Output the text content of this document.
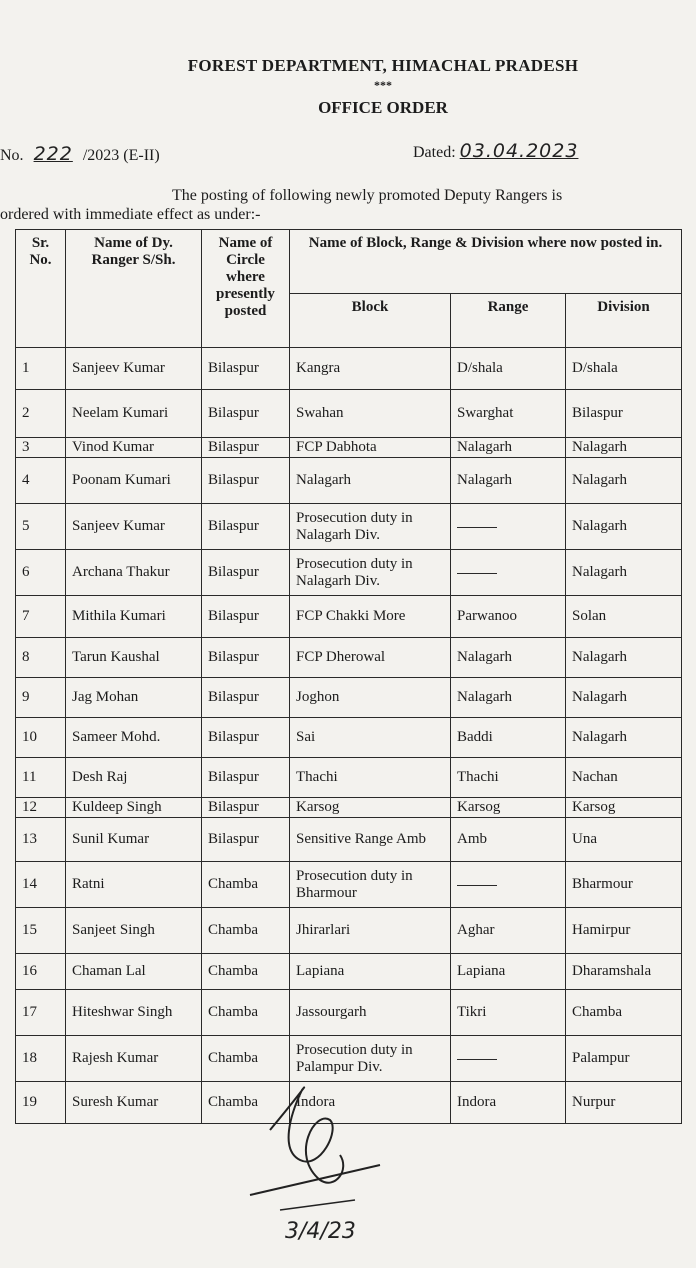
FOREST DEPARTMENT, HIMACHAL PRADESH
***
OFFICE ORDER
No. 222 /2023 (E-II)	Dated: 03.04.2023
The posting of following newly promoted Deputy Rangers is
ordered with immediate effect as under:-
Sr. No.	Name of Dy. Ranger S/Sh.	Name of Circle where presently posted	Name of Block, Range & Division where now posted in.		
			Block	Range	Division
1	Sanjeev Kumar	Bilaspur	Kangra	D/shala	D/shala
2	Neelam Kumari	Bilaspur	Swahan	Swarghat	Bilaspur
3	Vinod Kumar	Bilaspur	FCP Dabhota	Nalagarh	Nalagarh
4	Poonam Kumari	Bilaspur	Nalagarh	Nalagarh	Nalagarh
5	Sanjeev Kumar	Bilaspur	Prosecution duty in Nalagarh Div.		Nalagarh
6	Archana Thakur	Bilaspur	Prosecution duty in Nalagarh Div.		Nalagarh
7	Mithila Kumari	Bilaspur	FCP Chakki More	Parwanoo	Solan
8	Tarun Kaushal	Bilaspur	FCP Dherowal	Nalagarh	Nalagarh
9	Jag Mohan	Bilaspur	Joghon	Nalagarh	Nalagarh
10	Sameer Mohd.	Bilaspur	Sai	Baddi	Nalagarh
11	Desh Raj	Bilaspur	Thachi	Thachi	Nachan
12	Kuldeep Singh	Bilaspur	Karsog	Karsog	Karsog
13	Sunil Kumar	Bilaspur	Sensitive Range Amb	Amb	Una
14	Ratni	Chamba	Prosecution duty in Bharmour		Bharmour
15	Sanjeet Singh	Chamba	Jhirarlari	Aghar	Hamirpur
16	Chaman Lal	Chamba	Lapiana	Lapiana	Dharamshala
17	Hiteshwar Singh	Chamba	Jassourgarh	Tikri	Chamba
18	Rajesh Kumar	Chamba	Prosecution duty in Palampur Div.		Palampur
19	Suresh Kumar	Chamba	Indora	Indora	Nurpur
3/4/23
